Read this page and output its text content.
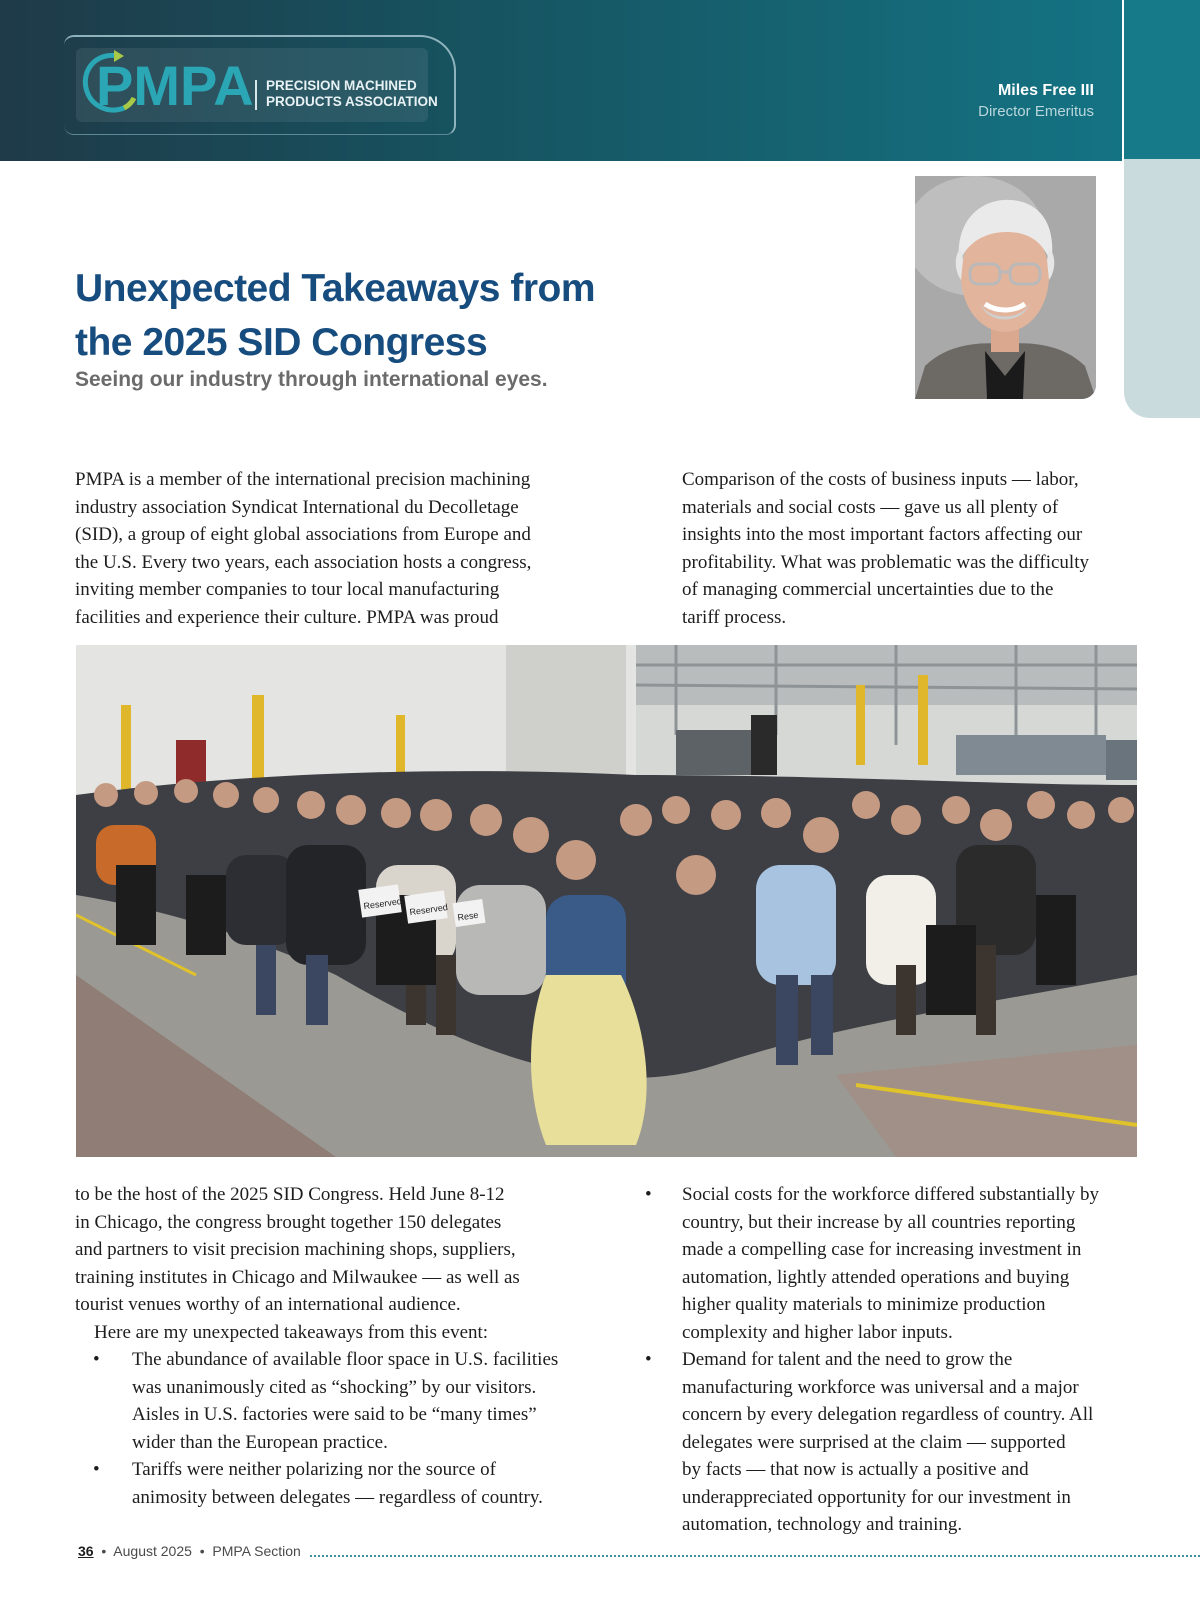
PMPA PRECISION MACHINED
PRODUCTS ASSOCIATION
Miles Free III
Director Emeritus
Unexpected Takeaways from
the 2025 SID Congress
Seeing our industry through international eyes.

PMPA is a member of the international precision machining

industry association Syndicat International du Decolletage

(SID), a group of eight global associations from Europe and

the U.S. Every two years, each association hosts a congress,

inviting member companies to tour local manufacturing

facilities and experience their culture. PMPA was proud

Comparison of the costs of business inputs — labor,

materials and social costs — gave us all plenty of

insights into the most important factors affecting our

profitability. What was problematic was the difficulty

of managing commercial uncertainties due to the

tariff process.

Reserved Reserved Rese

to be the host of the 2025 SID Congress. Held June 8-12

in Chicago, the congress brought together 150 delegates

and partners to visit precision machining shops, suppliers,

training institutes in Chicago and Milwaukee — as well as

tourist venues worthy of an international audience.

Here are my unexpected takeaways from this event:

• The abundance of available floor space in U.S. facilities
was unanimously cited as “shocking” by our visitors.
Aisles in U.S. factories were said to be “many times”
wider than the European practice.
• Tariffs were neither polarizing nor the source of
animosity between delegates — regardless of country.
• Social costs for the workforce differed substantially by
country, but their increase by all countries reporting
made a compelling case for increasing investment in
automation, lightly attended operations and buying
higher quality materials to minimize production
complexity and higher labor inputs.
• Demand for talent and the need to grow the
manufacturing workforce was universal and a major
concern by every delegation regardless of country. All
delegates were surprised at the claim — supported
by facts — that now is actually a positive and
underappreciated opportunity for our investment in
automation, technology and training.
36 • August 2025 • PMPA Section
